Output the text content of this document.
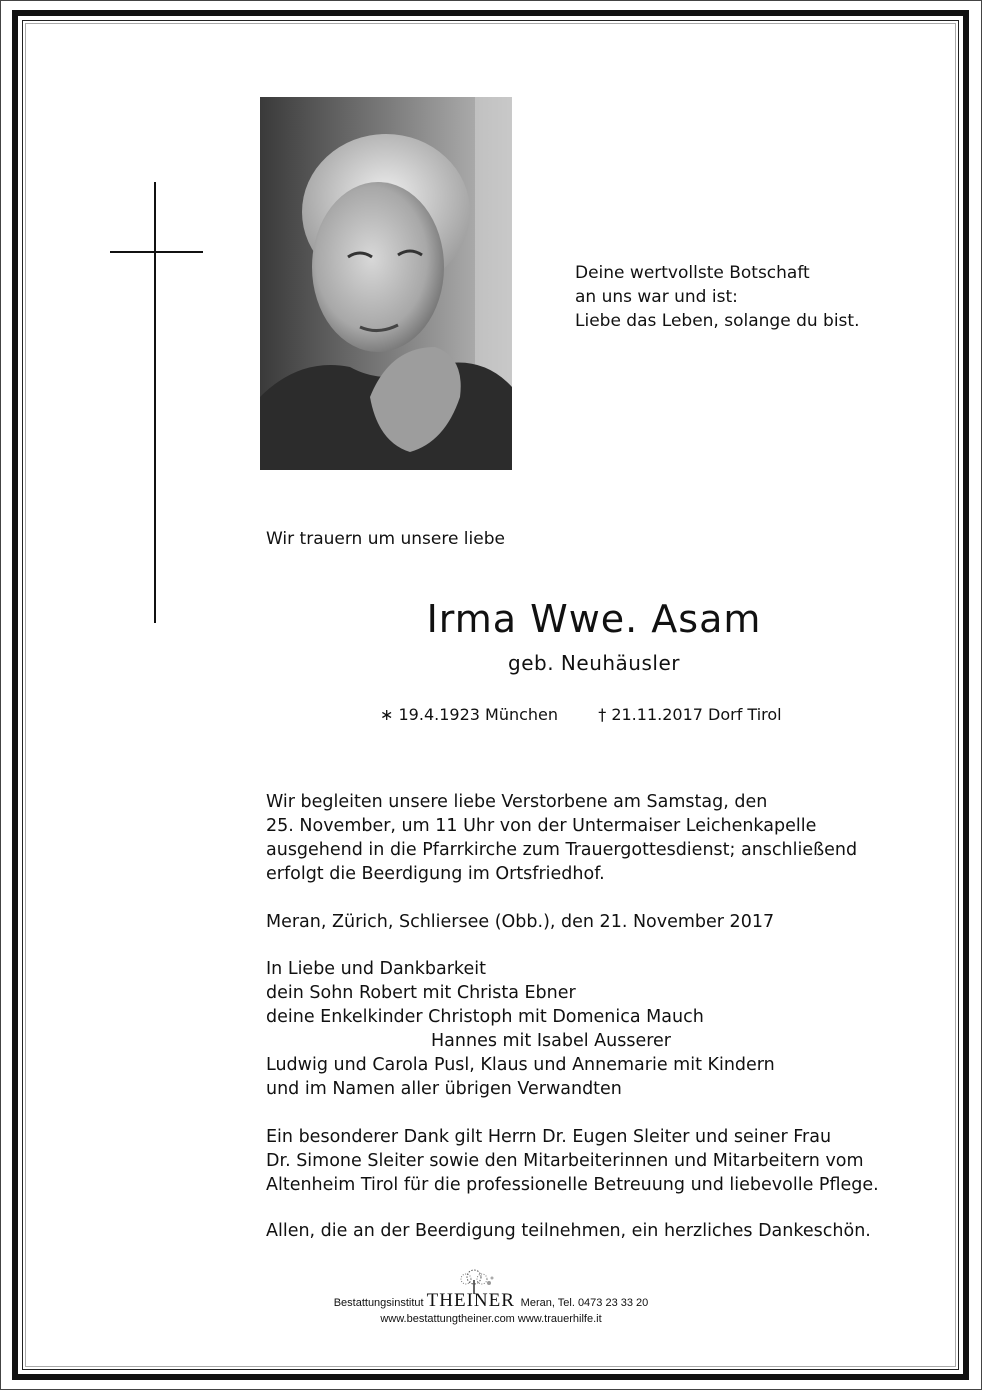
Deine wertvollste Botschaft
an uns war und ist:
Liebe das Leben, solange du bist.
Wir trauern um unsere liebe
Irma Wwe. Asam
geb. Neuhäusler
∗ 19.4.1923 München	† 21.11.2017 Dorf Tirol
Wir begleiten unsere liebe Verstorbene am Samstag, den
25. November, um 11 Uhr von der Untermaiser Leichenkapelle
ausgehend in die Pfarrkirche zum Trauergottesdienst; anschließend
erfolgt die Beerdigung im Ortsfriedhof.
Meran, Zürich, Schliersee (Obb.), den 21. November 2017
In Liebe und Dankbarkeit
dein Sohn Robert mit Christa Ebner
deine Enkelkinder Christoph mit Domenica Mauch
Hannes mit Isabel Ausserer
Ludwig und Carola Pusl, Klaus und Annemarie mit Kindern
und im Namen aller übrigen Verwandten
Ein besonderer Dank gilt Herrn Dr. Eugen Sleiter und seiner Frau
Dr. Simone Sleiter sowie den Mitarbeiterinnen und Mitarbeitern vom
Altenheim Tirol für die professionelle Betreuung und liebevolle Pflege.
Allen, die an der Beerdigung teilnehmen, ein herzliches Dankeschön.
Bestattungsinstitut THEINER Meran, Tel. 0473 23 33 20
www.bestattungtheiner.com www.trauerhilfe.it
